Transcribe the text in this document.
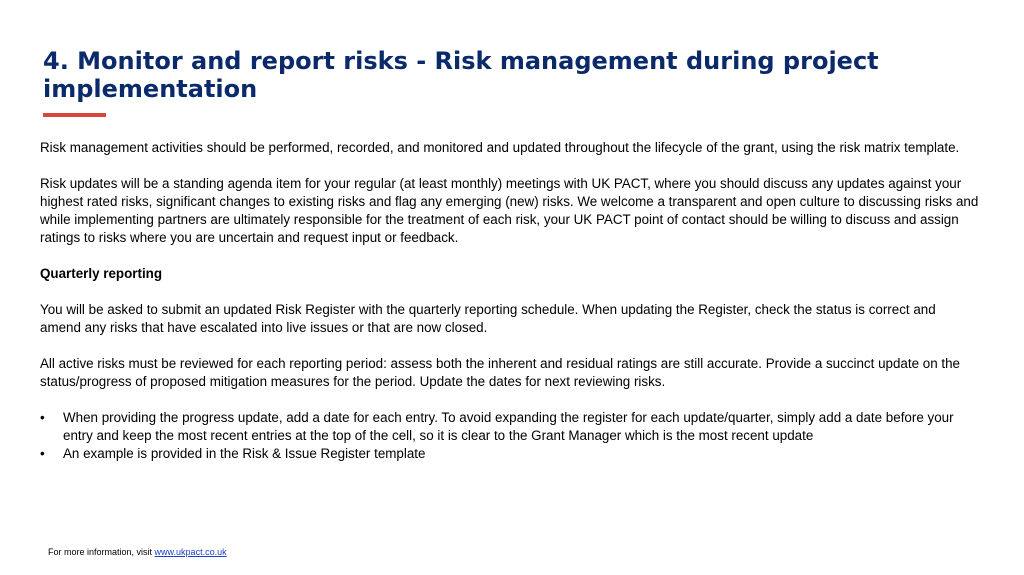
4. Monitor and report risks - Risk management during project implementation

Risk management activities should be performed, recorded, and monitored and updated throughout the lifecycle of the grant, using the risk matrix template.

Risk updates will be a standing agenda item for your regular (at least monthly) meetings with UK PACT, where you should discuss any updates against your highest rated risks, significant changes to existing risks and flag any emerging (new) risks. We welcome a transparent and open culture to discussing risks and while implementing partners are ultimately responsible for the treatment of each risk, your UK PACT point of contact should be willing to discuss and assign ratings to risks where you are uncertain and request input or feedback.

Quarterly reporting

You will be asked to submit an updated Risk Register with the quarterly reporting schedule. When updating the Register, check the status is correct and amend any risks that have escalated into live issues or that are now closed.

All active risks must be reviewed for each reporting period: assess both the inherent and residual ratings are still accurate. Provide a succinct update on the status/progress of proposed mitigation measures for the period. Update the dates for next reviewing risks.

•	When providing the progress update, add a date for each entry. To avoid expanding the register for each update/quarter, simply add a date before your entry and keep the most recent entries at the top of the cell, so it is clear to the Grant Manager which is the most recent update
•	An example is provided in the Risk & Issue Register template
For more information, visit www.ukpact.co.uk
